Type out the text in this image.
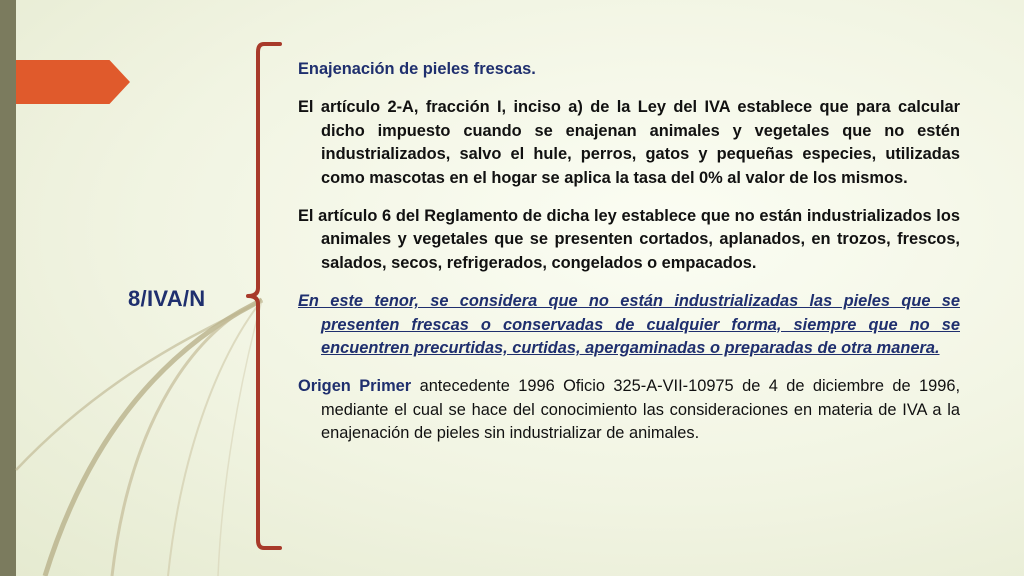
8/IVA/N

Enajenación de pieles frescas.

El artículo 2-A, fracción I, inciso a) de la Ley del IVA establece que para calcular dicho impuesto cuando se enajenan animales y vegetales que no estén industrializados, salvo el hule, perros, gatos y pequeñas especies, utilizadas como mascotas en el hogar se aplica la tasa del 0% al valor de los mismos.

El artículo 6 del Reglamento de dicha ley establece que no están industrializados los animales y vegetales que se presenten cortados, aplanados, en trozos, frescos, salados, secos, refrigerados, congelados o empacados.

En este tenor, se considera que no están industrializadas las pieles que se presenten frescas o conservadas de cualquier forma, siempre que no se encuentren precurtidas, curtidas, apergaminadas o preparadas de otra manera.

Origen Primer antecedente 1996 Oficio 325-A-VII-10975 de 4 de diciembre de 1996, mediante el cual se hace del conocimiento las consideraciones en materia de IVA a la enajenación de pieles sin industrializar de animales.
